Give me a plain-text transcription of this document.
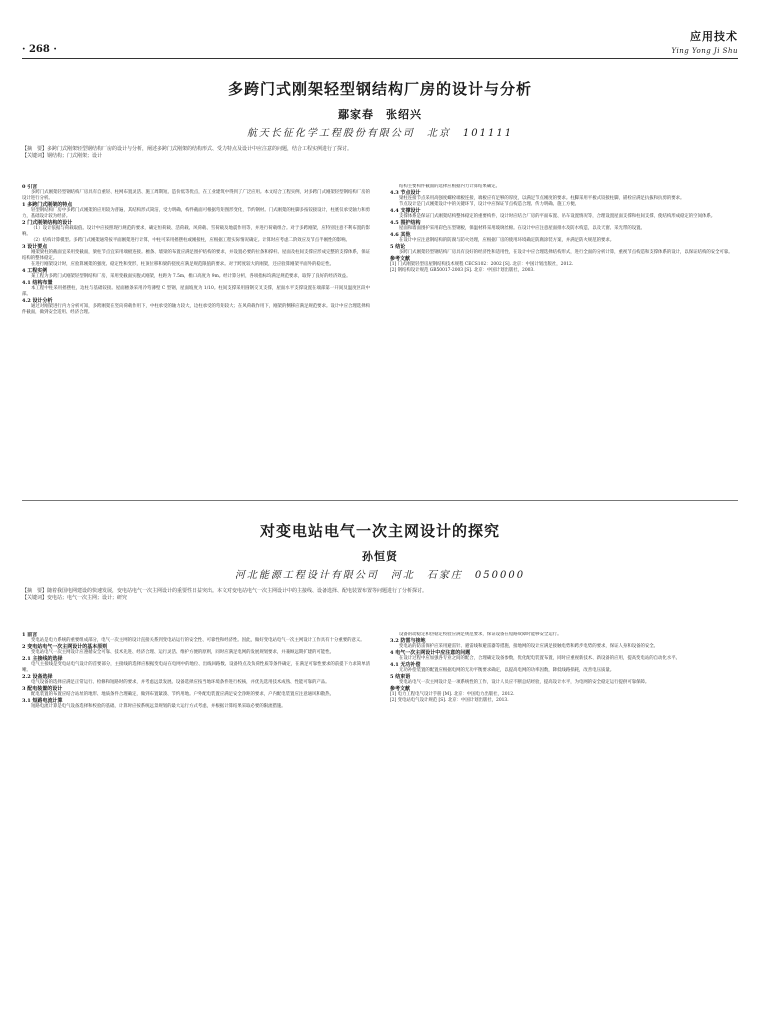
· 268 ·
应用技术
Ying Yong Ji Shu
多跨门式刚架轻型钢结构厂房的设计与分析
鄢家春　张绍兴
航天长征化学工程股份有限公司　北京　101111
【摘　要】多跨门式刚架轻型钢结构厂房的设计与分析，阐述多跨门式刚架的结构形式、受力特点及设计中应注意的问题，结合工程实例进行了探讨。
【关键词】钢结构；门式刚架；设计
0 引言

多跨门式刚架轻型钢结构厂房具有自重轻、柱网布置灵活、施工周期短、造价低等优点，在工业建筑中得到了广泛应用。本文结合工程实例，对多跨门式刚架轻型钢结构厂房的设计进行分析。

1 多跨门式刚架的特点

轻型钢结构厂房中多跨门式刚架的应用较为普遍，其结构形式简洁，受力明确，构件截面可根据弯矩图形变化，节约钢材。门式刚架的柱脚多按铰接设计，柱底仅承受轴力和剪力，基础设计较为经济。

2 门式刚架结构的设计

（1）设计依据与荷载取值。设计中应按照现行规范的要求，确定恒荷载、活荷载、风荷载、雪荷载及地震作用等，并进行荷载组合。对于多跨刚架，应特别注意不利布置的影响。

（2）结构计算模型。多跨门式刚架通常按平面刚架进行计算，中柱可采用摇摆柱或刚接柱，应根据工程实际情况确定。计算时应考虑二阶效应及节点半刚性的影响。

3 设计要点

刚架梁柱的截面宜采用变截面，梁柱节点宜采用端板连接。檩条、墙梁的布置应满足围护结构的要求，并设置必要的拉条和撑杆。屋面及柱间支撑应形成完整的支撑体系，保证结构的整体稳定。

在进行刚架设计时，应验算刚架的强度、稳定性和变形，柱顶位移和梁的挠度应满足规范限值的要求。对于跨度较大的刚架，还应验算刚架平面外的稳定性。

4 工程实例

某工程为多跨门式刚架轻型钢结构厂房，采用变截面实腹式刚架，柱距为 7.5m，檐口高度为 9m。经计算分析，各项指标均满足规范要求，取得了良好的经济效益。

4.1 结构布置

本工程中柱采用摇摆柱，边柱与基础铰接。屋面檩条采用冷弯薄壁 C 型钢，屋面坡度为 1/10。柱间支撑采用圆钢交叉支撑，屋面水平支撑设置在端部第一开间及温度区段中部。

4.2 设计分析

通过对刚架进行内力分析可知，多跨刚架在竖向荷载作用下，中柱承受的轴力较大，边柱承受的弯矩较大；在风荷载作用下，刚架的侧移应满足规范要求。设计中应合理选择构件截面，做到安全适用、经济合理。

结构主要构件截面的选择应根据内力计算结果确定。

4.3 节点设计

梁柱连接节点采用高强度螺栓端板连接，端板应有足够的厚度，以满足节点刚度的要求。柱脚采用平板式铰接柱脚，锚栓应满足抗拔和抗剪的要求。

节点设计是门式刚架设计中的关键环节，设计中应保证节点构造合理、传力明确、施工方便。

4.4 支撑设计

支撑体系是保证门式刚架结构整体稳定的重要构件，设计时应结合厂房的平面布置、吊车设置情况等，合理设置屋面支撑和柱间支撑，使结构形成稳定的空间体系。

4.5 围护结构

屋面和墙面围护采用彩色压型钢板，保温材料采用玻璃丝棉。在设计中应注意屋面排水及防水构造，以及天窗、采光带的设置。

4.6 其他

在设计中应注意钢结构的防腐与防火处理，应根据厂房的使用环境确定防腐涂装方案，并满足防火规范的要求。

5 结论

多跨门式刚架轻型钢结构厂房具有良好的经济性和适用性，在设计中应合理选择结构形式，进行全面的分析计算，重视节点构造和支撑体系的设计，以保证结构的安全可靠。

参考文献

[1] 门式刚架轻型房屋钢结构技术规程 CECS102：2002 [S]. 北京：中国计划出版社，2012.

[2] 钢结构设计规范 GB50017-2003 [S]. 北京：中国计划出版社，2003.

对变电站电气一次主网设计的探究
孙恒贤
河北能源工程设计有限公司　河北　石家庄　050000
【摘　要】随着我国电网建设的快速发展，变电站电气一次主网设计的重要性日益突出。本文对变电站电气一次主网设计中的主接线、设备选择、配电装置布置等问题进行了分析探讨。
【关键词】变电站；电气一次主网；设计；研究
1 前言

变电站是电力系统的重要组成部分，电气一次主网的设计直接关系到变电站运行的安全性、可靠性和经济性。因此，做好变电站电气一次主网设计工作具有十分重要的意义。

2 变电站电气一次主网设计的基本原则

变电站电气一次主网设计应遵循安全可靠、技术先进、经济合理、运行灵活、维护方便的原则，同时应满足电网的发展规划要求，并兼顾远期扩建的可能性。

2.1 主接线的选择

电气主接线是变电站电气设计的首要部分，主接线的选择应根据变电站在电网中的地位、出线回路数、设备特点及负荷性质等条件确定，在满足可靠性要求的前提下力求简单清晰。

2.2 设备选择

电气设备的选择应满足正常运行、检修和短路时的要求，并考虑远景发展。设备选择应按当地环境条件进行校核，并优先选用技术成熟、性能可靠的产品。

3 配电装置的设计

配电装置的布置应结合站址的地形、地质条件合理确定，做到布置紧凑、节约用地。户外配电装置应满足安全净距的要求，户内配电装置应注意通风和散热。

3.1 短路电流计算

短路电流计算是电气设备选择和校验的基础，计算时应按系统远景规划的最大运行方式考虑，并根据计算结果采取必要的限流措施。

设备的动稳定和热稳定校验应满足规范要求，保证设备在短路故障时能够安全运行。

3.2 防雷与接地

变电站的防雷保护应采用避雷针、避雷线和避雷器等措施，接地网的设计应满足接触电势和跨步电势的要求，保证人身和设备的安全。

4 电气一次主网设计中应注意的问题

在设计过程中应加强各专业之间的配合，合理确定设备参数，优化配电装置布置，同时应重视新技术、新设备的应用，提高变电站的自动化水平。

4.1 无功补偿

无功补偿装置的配置应根据电网的无功平衡要求确定，以提高电网的功率因数，降低线路损耗，改善电压质量。

5 结束语

变电站电气一次主网设计是一项系统性的工作，设计人员应不断总结经验，提高设计水平，为电网的安全稳定运行提供可靠保障。

参考文献

[1] 电力工程电气设计手册 [M]. 北京：中国电力出版社，2012.

[2] 变电站电气设计规范 [S]. 北京：中国计划出版社，2013.
